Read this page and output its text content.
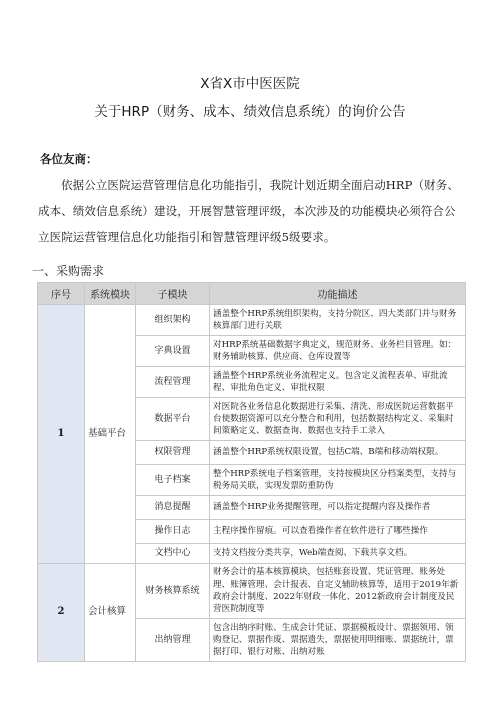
X省X市中医医院
关于HRP（财务、成本、绩效信息系统）的询价公告
各位友商：

依据公立医院运营管理信息化功能指引，我院计划近期全面启动HRP（财务、成本、绩效信息系统）建设，开展智慧管理评级，本次涉及的功能模块必须符合公立医院运营管理信息化功能指引和智慧管理评级5级要求。

一、采购需求
序号	系统模块	子模块	功能描述
1	基础平台	组织架构	涵盖整个HRP系统组织架构，支持分院区、四大类部门并与财务核算部门进行关联
		字典设置	对HRP系统基础数据字典定义，规范财务、业务栏目管理。如：财务辅助核算、供应商、仓库设置等
		流程管理	涵盖整个HRP系统业务流程定义。包含定义流程表单、审批流程、审批角色定义、审批权限
		数据平台	对医院各业务信息化数据进行采集、清洗、形成医院运营数据平台使数据资源可以充分整合和利用，包括数据结构定义、采集时间策略定义、数据查询、数据也支持手工录入
		权限管理	涵盖整个HRP系统权限设置，包括C端、B端和移动端权限。
		电子档案	整个HRP系统电子档案管理，支持按模块区分档案类型，支持与税务局关联，实现发票防重防伪
		消息提醒	涵盖整个HRP业务提醒管理，可以指定提醒内容及操作者
		操作日志	主程序操作留痕。可以查看操作者在软件进行了哪些操作
		文档中心	支持文档按分类共享，Web端查阅、下载共享文档。
2	会计核算	财务核算系统	财务会计的基本核算模块，包括账套设置、凭证管理、账务处理、账簿管理、会计报表、自定义辅助核算等，适用于2019年新政府会计制度、2022年财政一体化、2012新政府会计制度及民营医院制度等
		出纳管理	包含出纳序时账、生成会计凭证、票据模板设计、票据领用、领购登记、票据作废、票据遗失，票据使用明细账、票据统计，票据打印、银行对账、出纳对账
